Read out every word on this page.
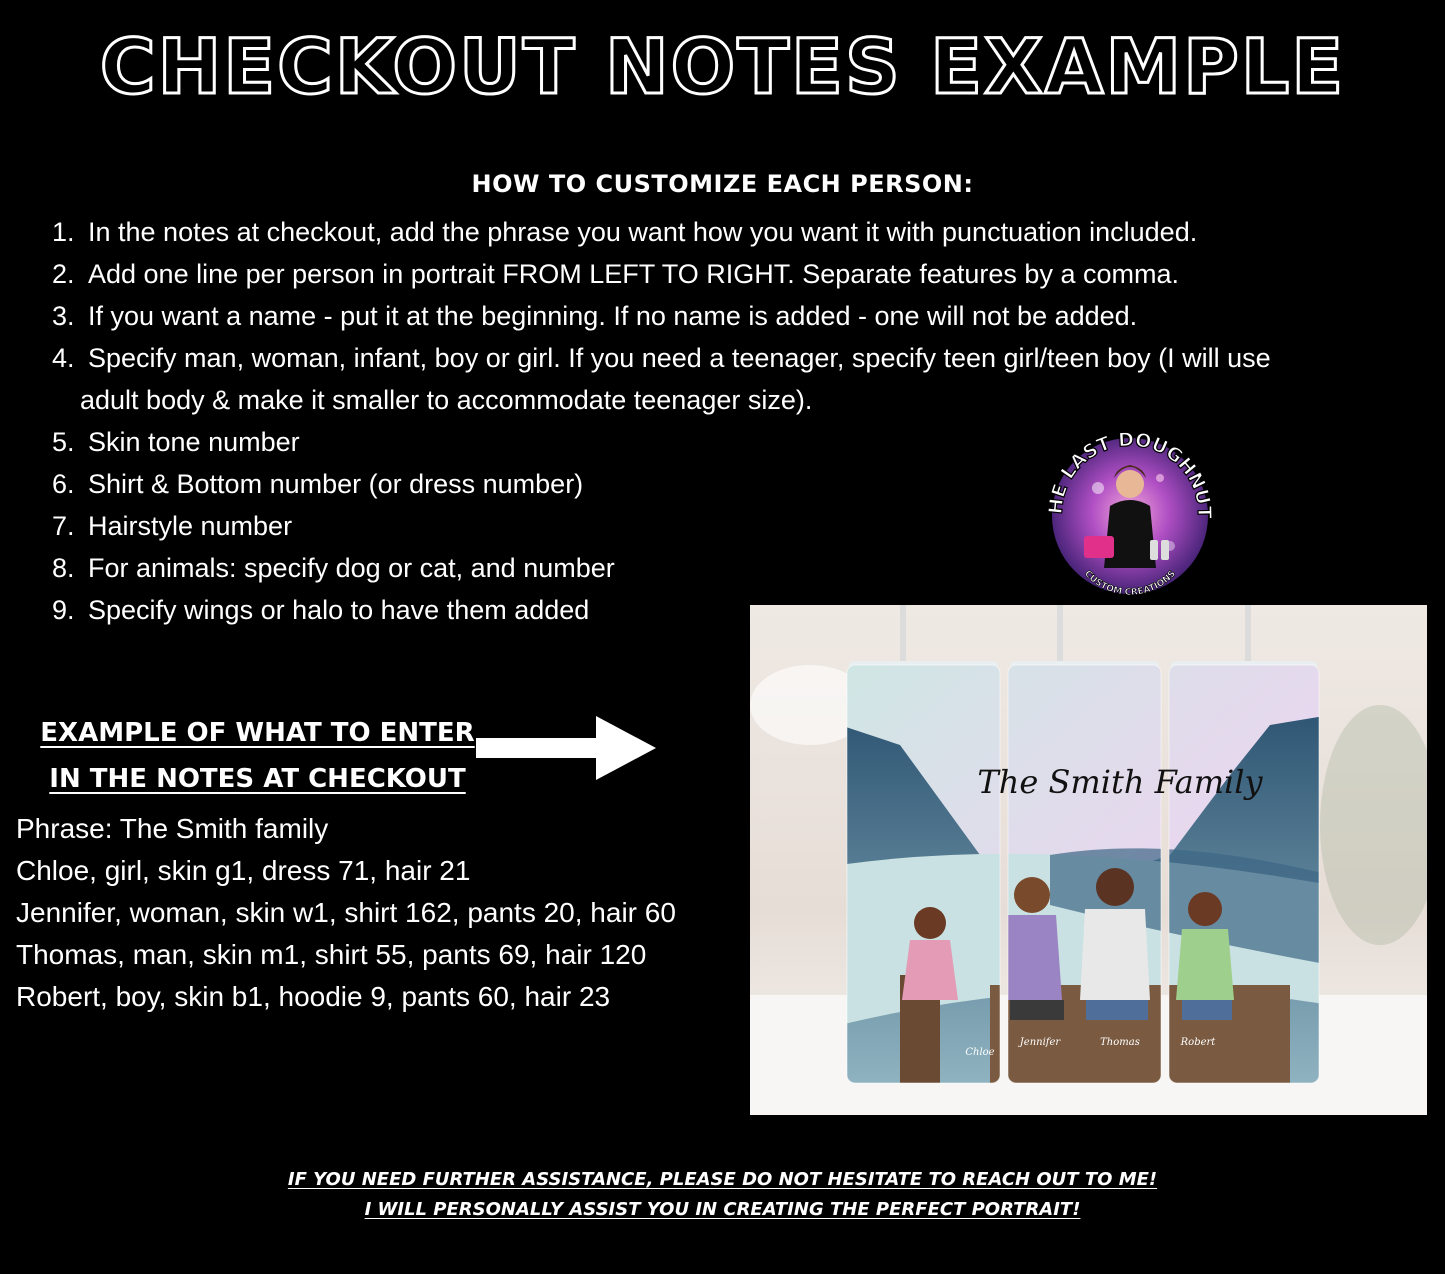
CHECKOUT NOTES EXAMPLE
HOW TO CUSTOMIZE EACH PERSON:
1. In the notes at checkout, add the phrase you want how you want it with punctuation included.
2. Add one line per person in portrait FROM LEFT TO RIGHT. Separate features by a comma.
3. If you want a name - put it at the beginning. If no name is added - one will not be added.
4. Specify man, woman, infant, boy or girl. If you need a teenager, specify teen girl/teen boy (I will use
adult body & make it smaller to accommodate teenager size).
5. Skin tone number
6. Shirt & Bottom number (or dress number)
7. Hairstyle number
8. For animals: specify dog or cat, and number
9. Specify wings or halo to have them added
HE LAST DOUGHNUT
CUSTOM CREATIONS
EXAMPLE OF WHAT TO ENTER
IN THE NOTES AT CHECKOUT
Phrase: The Smith family
Chloe, girl, skin g1, dress 71, hair 21
Jennifer, woman, skin w1, shirt 162, pants 20, hair 60
Thomas, man, skin m1, shirt 55, pants 69, hair 120
Robert, boy, skin b1, hoodie 9, pants 60, hair 23
The Smith Family
Chloe
Jennifer	Thomas	Robert
IF YOU NEED FURTHER ASSISTANCE, PLEASE DO NOT HESITATE TO REACH OUT TO ME!
I WILL PERSONALLY ASSIST YOU IN CREATING THE PERFECT PORTRAIT!
